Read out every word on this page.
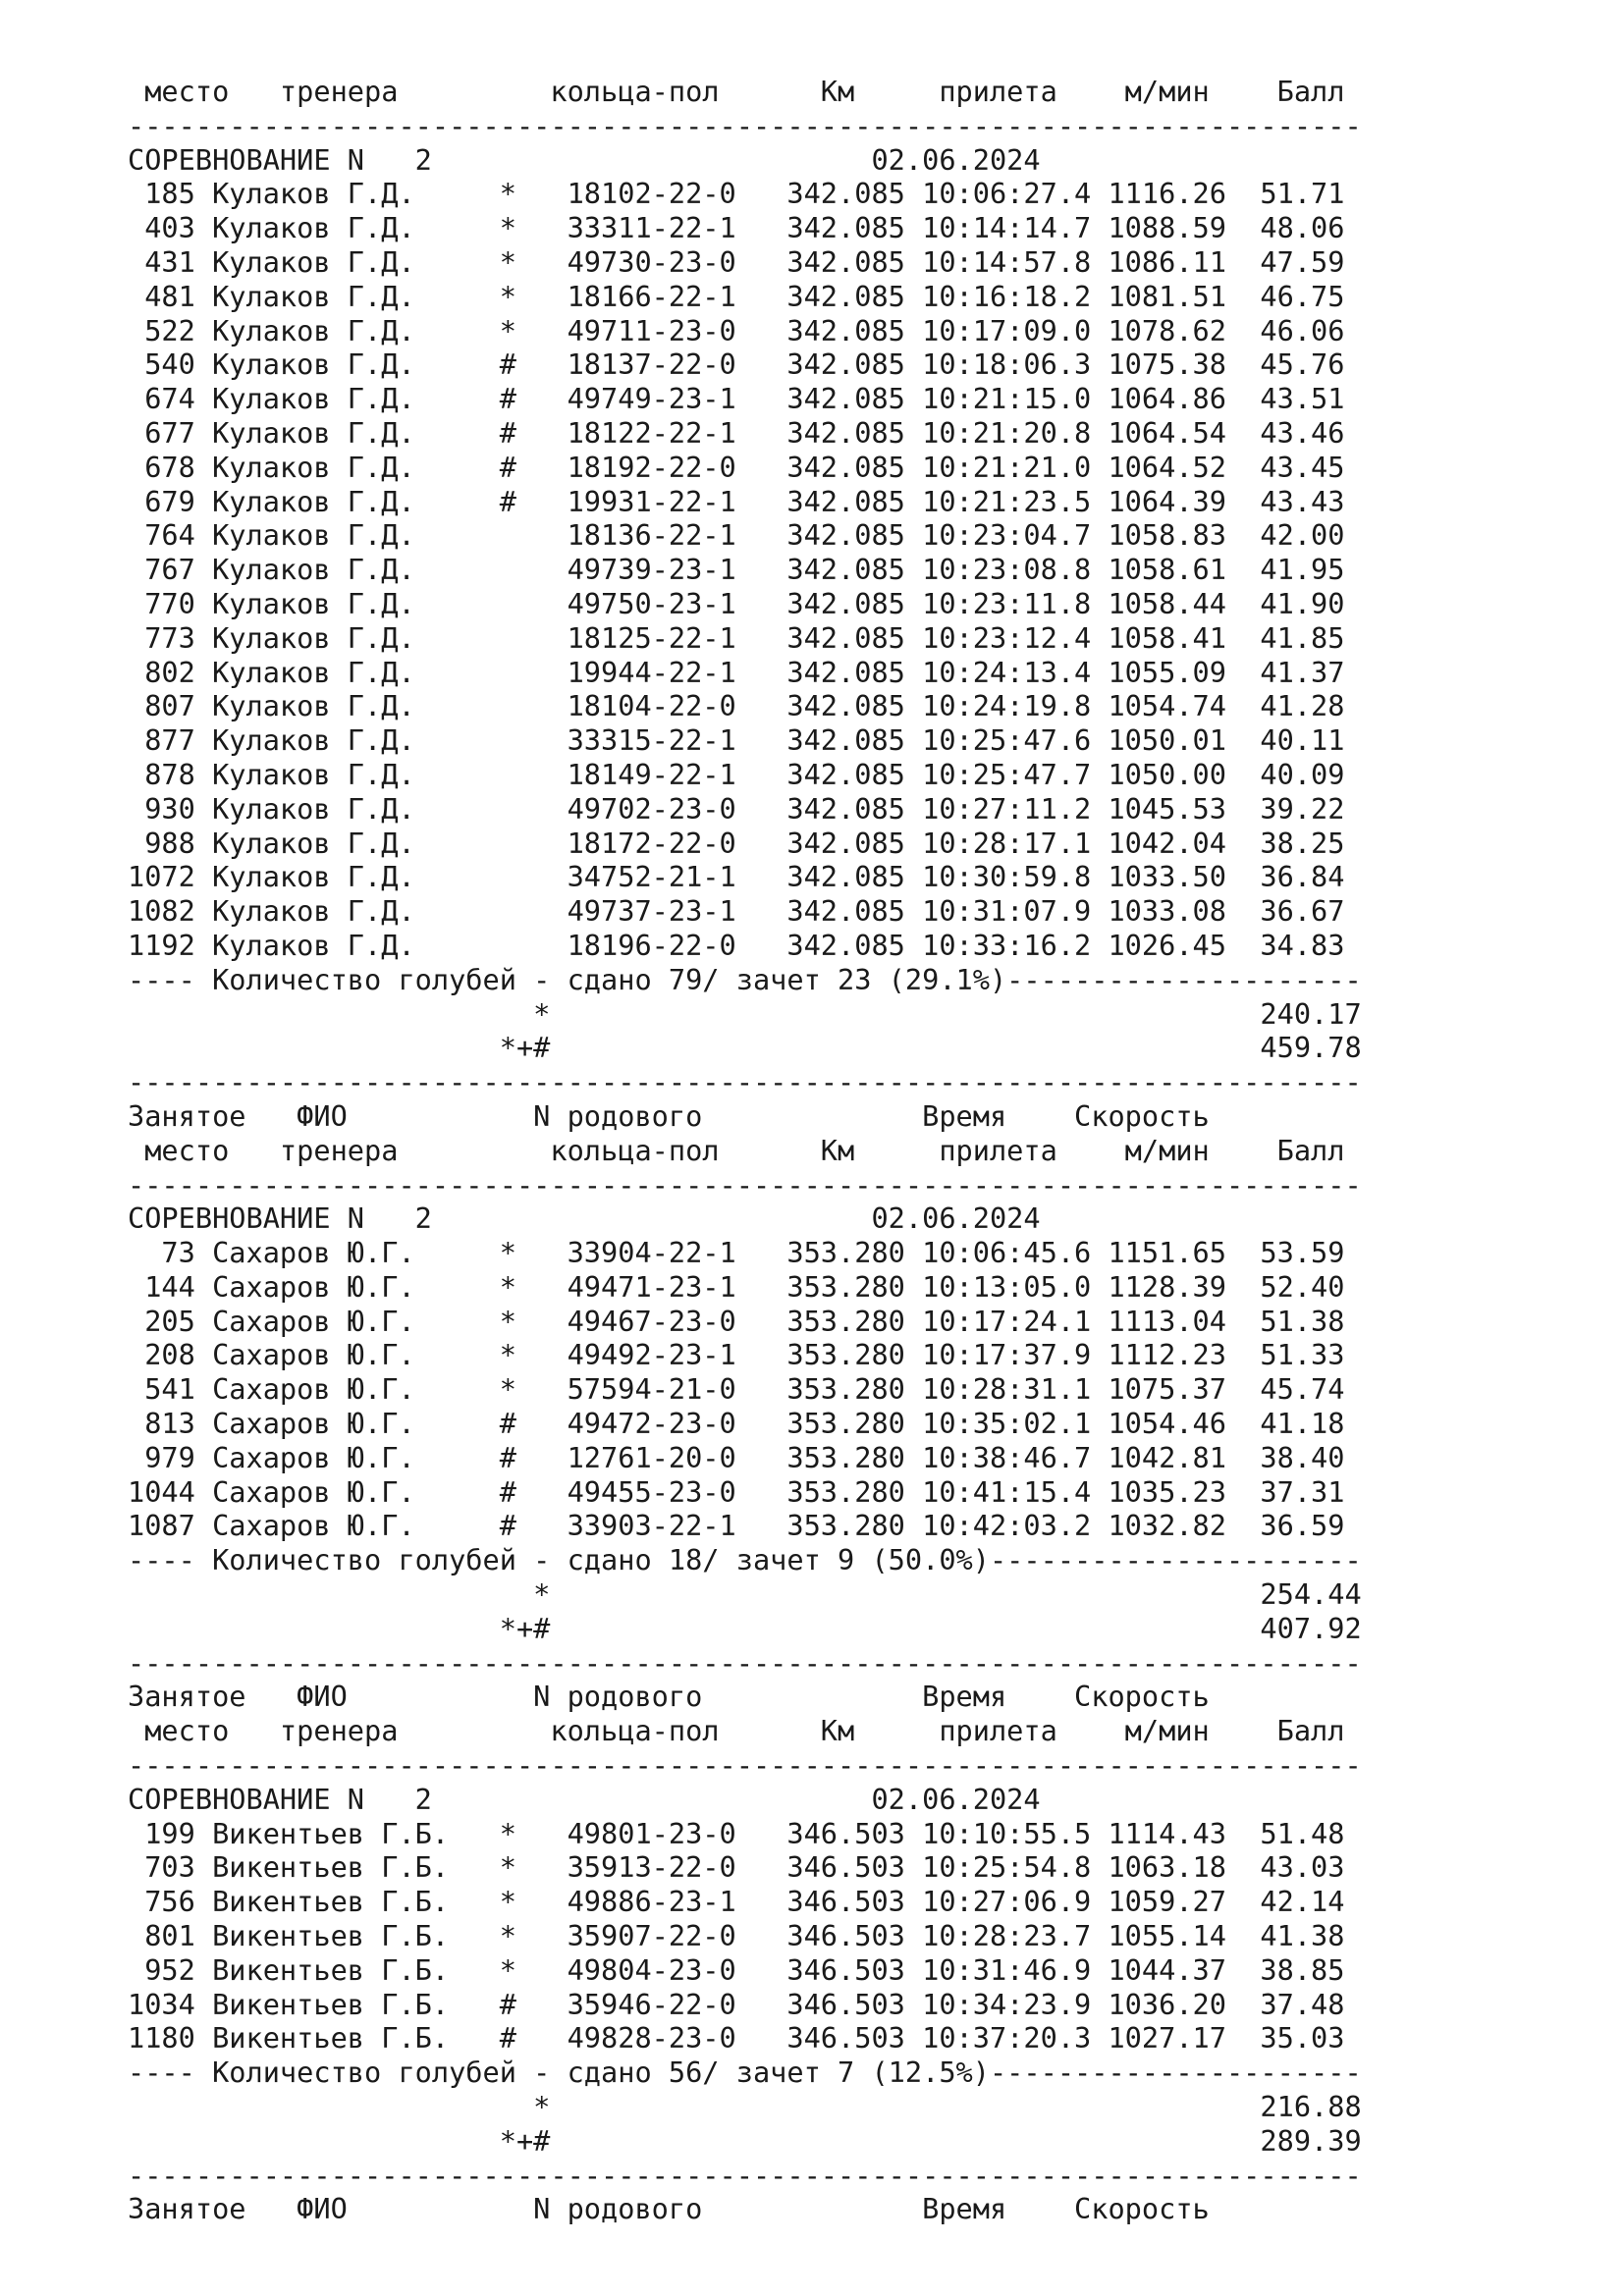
место   тренера         кольца-пол      Км     прилета    м/мин    Балл
-------------------------------------------------------------------------
СОРЕВНОВАНИЕ N   2                          02.06.2024
185 Кулаков Г.Д.     *   18102-22-0   342.085 10:06:27.4 1116.26  51.71
403 Кулаков Г.Д.     *   33311-22-1   342.085 10:14:14.7 1088.59  48.06
431 Кулаков Г.Д.     *   49730-23-0   342.085 10:14:57.8 1086.11  47.59
481 Кулаков Г.Д.     *   18166-22-1   342.085 10:16:18.2 1081.51  46.75
522 Кулаков Г.Д.     *   49711-23-0   342.085 10:17:09.0 1078.62  46.06
540 Кулаков Г.Д.     #   18137-22-0   342.085 10:18:06.3 1075.38  45.76
674 Кулаков Г.Д.     #   49749-23-1   342.085 10:21:15.0 1064.86  43.51
677 Кулаков Г.Д.     #   18122-22-1   342.085 10:21:20.8 1064.54  43.46
678 Кулаков Г.Д.     #   18192-22-0   342.085 10:21:21.0 1064.52  43.45
679 Кулаков Г.Д.     #   19931-22-1   342.085 10:21:23.5 1064.39  43.43
764 Кулаков Г.Д.         18136-22-1   342.085 10:23:04.7 1058.83  42.00
767 Кулаков Г.Д.         49739-23-1   342.085 10:23:08.8 1058.61  41.95
770 Кулаков Г.Д.         49750-23-1   342.085 10:23:11.8 1058.44  41.90
773 Кулаков Г.Д.         18125-22-1   342.085 10:23:12.4 1058.41  41.85
802 Кулаков Г.Д.         19944-22-1   342.085 10:24:13.4 1055.09  41.37
807 Кулаков Г.Д.         18104-22-0   342.085 10:24:19.8 1054.74  41.28
877 Кулаков Г.Д.         33315-22-1   342.085 10:25:47.6 1050.01  40.11
878 Кулаков Г.Д.         18149-22-1   342.085 10:25:47.7 1050.00  40.09
930 Кулаков Г.Д.         49702-23-0   342.085 10:27:11.2 1045.53  39.22
988 Кулаков Г.Д.         18172-22-0   342.085 10:28:17.1 1042.04  38.25
1072 Кулаков Г.Д.         34752-21-1   342.085 10:30:59.8 1033.50  36.84
1082 Кулаков Г.Д.         49737-23-1   342.085 10:31:07.9 1033.08  36.67
1192 Кулаков Г.Д.         18196-22-0   342.085 10:33:16.2 1026.45  34.83
---- Количество голубей - сдано 79/ зачет 23 (29.1%)---------------------
*                                          240.17
*+#                                          459.78
-------------------------------------------------------------------------
Занятое   ФИО           N родового             Время    Скорость
место   тренера         кольца-пол      Км     прилета    м/мин    Балл
-------------------------------------------------------------------------
СОРЕВНОВАНИЕ N   2                          02.06.2024
73 Сахаров Ю.Г.     *   33904-22-1   353.280 10:06:45.6 1151.65  53.59
144 Сахаров Ю.Г.     *   49471-23-1   353.280 10:13:05.0 1128.39  52.40
205 Сахаров Ю.Г.     *   49467-23-0   353.280 10:17:24.1 1113.04  51.38
208 Сахаров Ю.Г.     *   49492-23-1   353.280 10:17:37.9 1112.23  51.33
541 Сахаров Ю.Г.     *   57594-21-0   353.280 10:28:31.1 1075.37  45.74
813 Сахаров Ю.Г.     #   49472-23-0   353.280 10:35:02.1 1054.46  41.18
979 Сахаров Ю.Г.     #   12761-20-0   353.280 10:38:46.7 1042.81  38.40
1044 Сахаров Ю.Г.     #   49455-23-0   353.280 10:41:15.4 1035.23  37.31
1087 Сахаров Ю.Г.     #   33903-22-1   353.280 10:42:03.2 1032.82  36.59
---- Количество голубей - сдано 18/ зачет 9 (50.0%)----------------------
*                                          254.44
*+#                                          407.92
-------------------------------------------------------------------------
Занятое   ФИО           N родового             Время    Скорость
место   тренера         кольца-пол      Км     прилета    м/мин    Балл
-------------------------------------------------------------------------
СОРЕВНОВАНИЕ N   2                          02.06.2024
199 Викентьев Г.Б.   *   49801-23-0   346.503 10:10:55.5 1114.43  51.48
703 Викентьев Г.Б.   *   35913-22-0   346.503 10:25:54.8 1063.18  43.03
756 Викентьев Г.Б.   *   49886-23-1   346.503 10:27:06.9 1059.27  42.14
801 Викентьев Г.Б.   *   35907-22-0   346.503 10:28:23.7 1055.14  41.38
952 Викентьев Г.Б.   *   49804-23-0   346.503 10:31:46.9 1044.37  38.85
1034 Викентьев Г.Б.   #   35946-22-0   346.503 10:34:23.9 1036.20  37.48
1180 Викентьев Г.Б.   #   49828-23-0   346.503 10:37:20.3 1027.17  35.03
---- Количество голубей - сдано 56/ зачет 7 (12.5%)----------------------
*                                          216.88
*+#                                          289.39
-------------------------------------------------------------------------
Занятое   ФИО           N родового             Время    Скорость
